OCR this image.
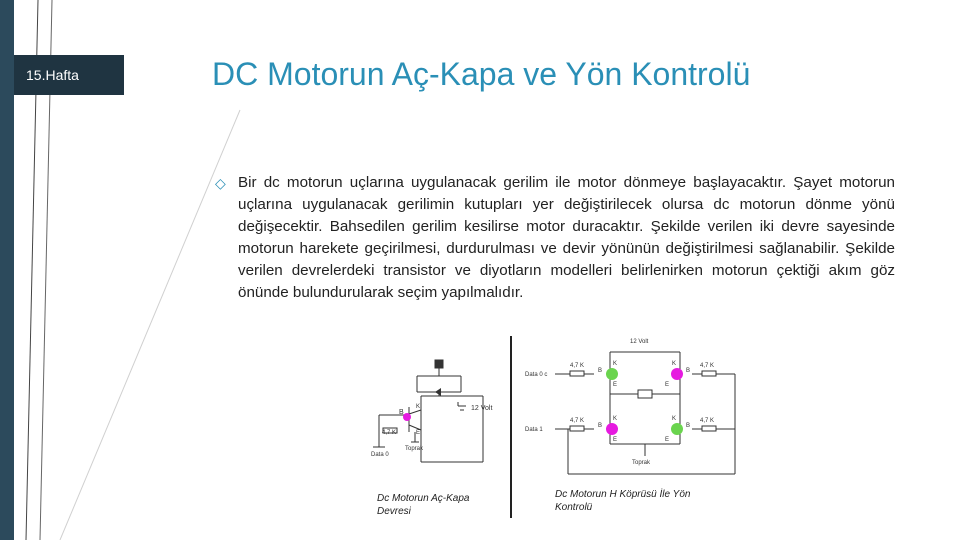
15.Hafta	DC Motorun Aç-Kapa ve Yön Kontrolü
◇ Bir dc motorun uçlarına uygulanacak gerilim ile motor dönmeye başlayacaktır. Şayet motorun uçlarına uygulanacak gerilimin kutupları yer değiştirilecek olursa dc motorun dönme yönü değişecektir. Bahsedilen gerilim kesilirse motor duracaktır. Şekilde verilen iki devre sayesinde motorun harekete geçirilmesi, durdurulması ve devir yönünün değiştirilmesi sağlanabilir. Şekilde verilen devrelerdeki transistor ve diyotların modelleri belirlenirken motorun çektiği akım göz önünde bulundurularak seçim yapılmalıdır.
K
B
E
12 Volt
4,7 K
Toprak
Data 0
Dc Motorun Aç-Kapa
Devresi
12 Volt
Data 0 c
Data 1
4,7 K
4,7 K
4,7 K
4,7 K
K	K
K	K
B
B
B
B
E	E
E	E
Toprak
Dc Motorun H Köprüsü İle Yön
Kontrolü
